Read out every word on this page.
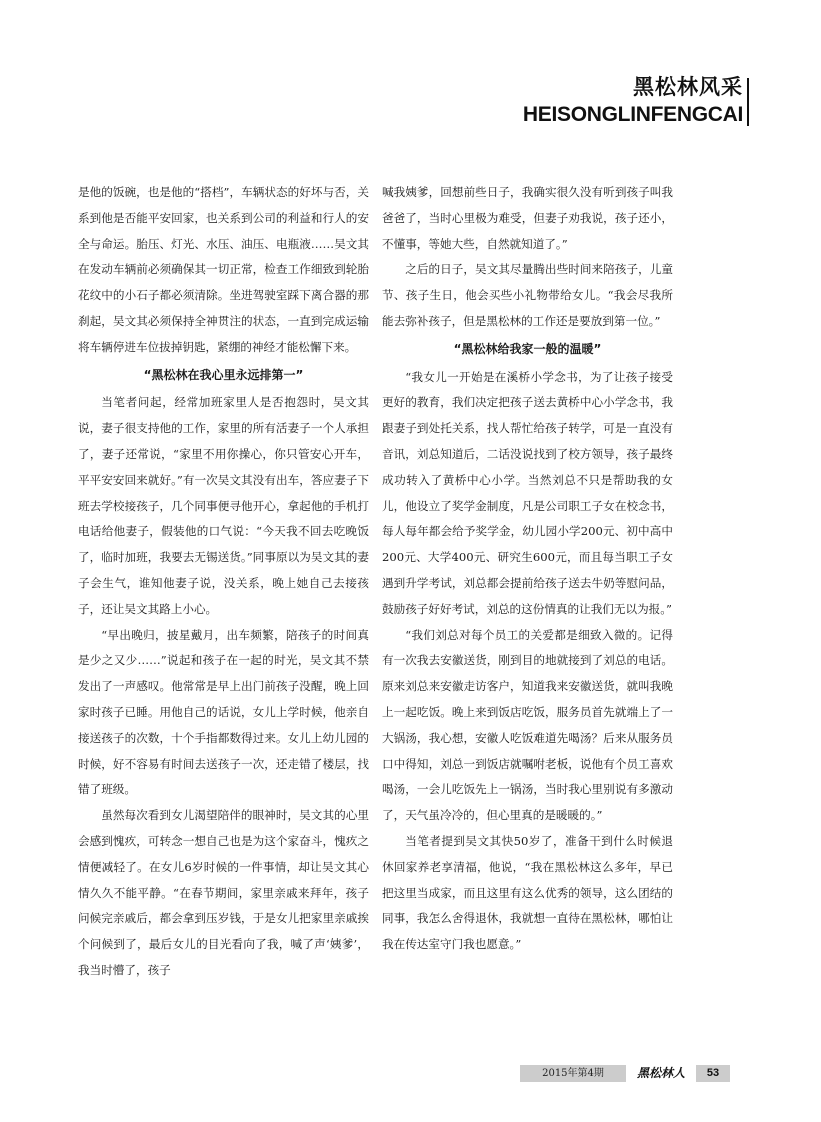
黑松林风采
HEISONGLINFENGCAI

是他的饭碗，也是他的“搭档”，车辆状态的好坏与否，关系到他是否能平安回家，也关系到公司的利益和行人的安全与命运。胎压、灯光、水压、油压、电瓶液……吴文其在发动车辆前必须确保其一切正常，检查工作细致到轮胎花纹中的小石子都必须清除。坐进驾驶室踩下离合器的那刹起，吴文其必须保持全神贯注的状态，一直到完成运输将车辆停进车位拔掉钥匙，紧绷的神经才能松懈下来。

“黑松林在我心里永远排第一”

当笔者问起，经常加班家里人是否抱怨时，吴文其说，妻子很支持他的工作，家里的所有活妻子一个人承担了，妻子还常说，“家里不用你操心，你只管安心开车，平平安安回来就好。”有一次吴文其没有出车，答应妻子下班去学校接孩子，几个同事便寻他开心，拿起他的手机打电话给他妻子，假装他的口气说：“今天我不回去吃晚饭了，临时加班，我要去无锡送货。”同事原以为吴文其的妻子会生气，谁知他妻子说，没关系，晚上她自己去接孩子，还让吴文其路上小心。

“早出晚归，披星戴月，出车频繁，陪孩子的时间真是少之又少……”说起和孩子在一起的时光，吴文其不禁发出了一声感叹。他常常是早上出门前孩子没醒，晚上回家时孩子已睡。用他自己的话说，女儿上学时候，他亲自接送孩子的次数，十个手指都数得过来。女儿上幼儿园的时候，好不容易有时间去送孩子一次，还走错了楼层，找错了班级。

虽然每次看到女儿渴望陪伴的眼神时，吴文其的心里会感到愧疚，可转念一想自己也是为这个家奋斗，愧疚之情便减轻了。在女儿6岁时候的一件事情，却让吴文其心情久久不能平静。“在春节期间，家里亲戚来拜年，孩子问候完亲戚后，都会拿到压岁钱，于是女儿把家里亲戚挨个问候到了，最后女儿的目光看向了我，喊了声‘姨爹’，我当时懵了，孩子

喊我姨爹，回想前些日子，我确实很久没有听到孩子叫我爸爸了，当时心里极为难受，但妻子劝我说，孩子还小，不懂事，等她大些，自然就知道了。”

之后的日子，吴文其尽量腾出些时间来陪孩子，儿童节、孩子生日，他会买些小礼物带给女儿。“我会尽我所能去弥补孩子，但是黑松林的工作还是要放到第一位。”

“黑松林给我家一般的温暖”

“我女儿一开始是在溪桥小学念书，为了让孩子接受更好的教育，我们决定把孩子送去黄桥中心小学念书，我跟妻子到处托关系，找人帮忙给孩子转学，可是一直没有音讯，刘总知道后，二话没说找到了校方领导，孩子最终成功转入了黄桥中心小学。当然刘总不只是帮助我的女儿，他设立了奖学金制度，凡是公司职工子女在校念书，每人每年都会给予奖学金，幼儿园小学200元、初中高中200元、大学400元、研究生600元，而且每当职工子女遇到升学考试，刘总都会提前给孩子送去牛奶等慰问品，鼓励孩子好好考试，刘总的这份情真的让我们无以为报。”

“我们刘总对每个员工的关爱都是细致入微的。记得有一次我去安徽送货，刚到目的地就接到了刘总的电话。原来刘总来安徽走访客户，知道我来安徽送货，就叫我晚上一起吃饭。晚上来到饭店吃饭，服务员首先就端上了一大锅汤，我心想，安徽人吃饭难道先喝汤？后来从服务员口中得知，刘总一到饭店就嘱咐老板，说他有个员工喜欢喝汤，一会儿吃饭先上一锅汤，当时我心里别说有多激动了，天气虽冷冷的，但心里真的是暖暖的。”

当笔者提到吴文其快50岁了，准备干到什么时候退休回家养老享清福，他说，“我在黑松林这么多年，早已把这里当成家，而且这里有这么优秀的领导，这么团结的同事，我怎么舍得退休，我就想一直待在黑松林，哪怕让我在传达室守门我也愿意。”

2015年第4期	黑松林人	53
